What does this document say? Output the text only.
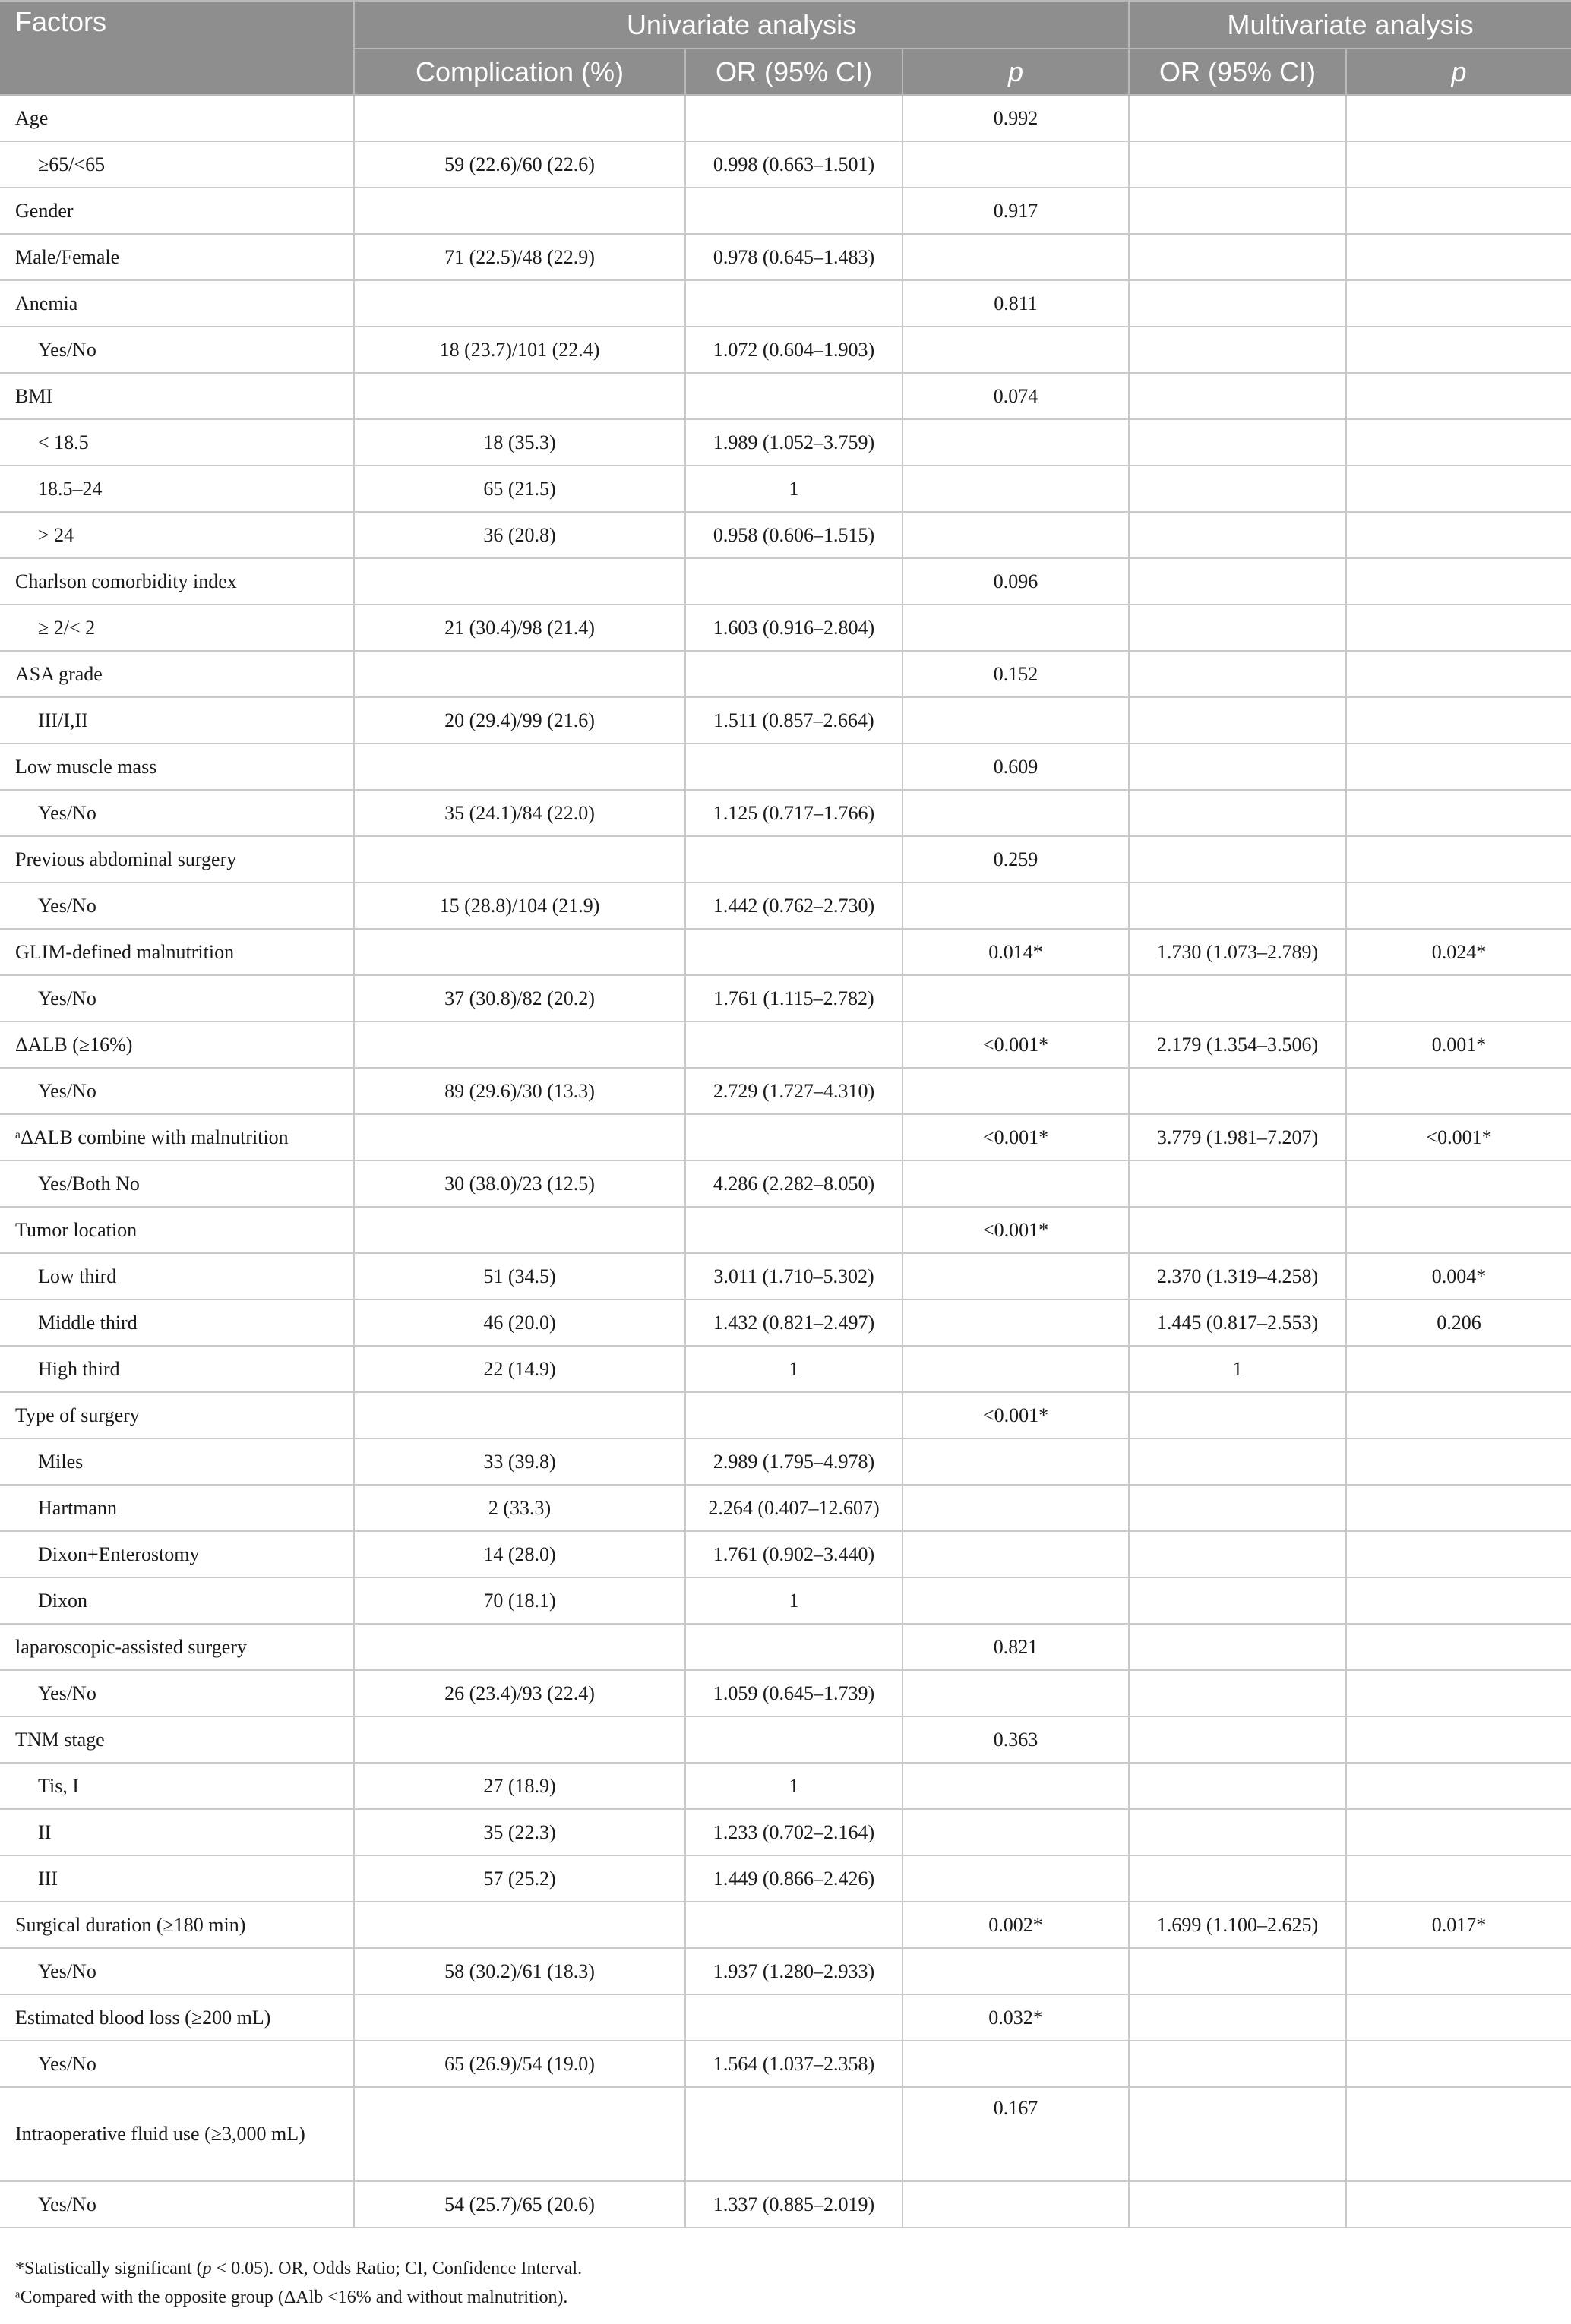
Factors	Univariate analysis			Multivariate analysis	
	Complication (%)	OR (95% CI)	p	OR (95% CI)	p
Age			0.992		
≥65/<65	59 (22.6)/60 (22.6)	0.998 (0.663–1.501)			
Gender			0.917		
Male/Female	71 (22.5)/48 (22.9)	0.978 (0.645–1.483)			
Anemia			0.811		
Yes/No	18 (23.7)/101 (22.4)	1.072 (0.604–1.903)			
BMI			0.074		
< 18.5	18 (35.3)	1.989 (1.052–3.759)			
18.5–24	65 (21.5)	1			
˃ 24	36 (20.8)	0.958 (0.606–1.515)			
Charlson comorbidity index			0.096		
≥ 2/< 2	21 (30.4)/98 (21.4)	1.603 (0.916–2.804)			
ASA grade			0.152		
III/I,II	20 (29.4)/99 (21.6)	1.511 (0.857–2.664)			
Low muscle mass			0.609		
Yes/No	35 (24.1)/84 (22.0)	1.125 (0.717–1.766)			
Previous abdominal surgery			0.259		
Yes/No	15 (28.8)/104 (21.9)	1.442 (0.762–2.730)			
GLIM-defined malnutrition			0.014*	1.730 (1.073–2.789)	0.024*
Yes/No	37 (30.8)/82 (20.2)	1.761 (1.115–2.782)			
ΔALB (≥16%)			<0.001*	2.179 (1.354–3.506)	0.001*
Yes/No	89 (29.6)/30 (13.3)	2.729 (1.727–4.310)			
ᵃΔALB combine with malnutrition			<0.001*	3.779 (1.981–7.207)	<0.001*
Yes/Both No	30 (38.0)/23 (12.5)	4.286 (2.282–8.050)			
Tumor location			<0.001*		
Low third	51 (34.5)	3.011 (1.710–5.302)		2.370 (1.319–4.258)	0.004*
Middle third	46 (20.0)	1.432 (0.821–2.497)		1.445 (0.817–2.553)	0.206
High third	22 (14.9)	1		1	
Type of surgery			<0.001*		
Miles	33 (39.8)	2.989 (1.795–4.978)			
Hartmann	2 (33.3)	2.264 (0.407–12.607)			
Dixon+Enterostomy	14 (28.0)	1.761 (0.902–3.440)			
Dixon	70 (18.1)	1			
laparoscopic-assisted surgery			0.821		
Yes/No	26 (23.4)/93 (22.4)	1.059 (0.645–1.739)			
TNM stage			0.363		
Tis, I	27 (18.9)	1			
II	35 (22.3)	1.233 (0.702–2.164)			
III	57 (25.2)	1.449 (0.866–2.426)			
Surgical duration (≥180 min)			0.002*	1.699 (1.100–2.625)	0.017*
Yes/No	58 (30.2)/61 (18.3)	1.937 (1.280–2.933)			
Estimated blood loss (≥200 mL)			0.032*		
Yes/No	65 (26.9)/54 (19.0)	1.564 (1.037–2.358)			
Intraoperative fluid use (≥3,000 mL)			0.167		
Yes/No	54 (25.7)/65 (20.6)	1.337 (0.885–2.019)			
*Statistically significant (p < 0.05). OR, Odds Ratio; CI, Confidence Interval.
ᵃCompared with the opposite group (ΔAlb <16% and without malnutrition).
